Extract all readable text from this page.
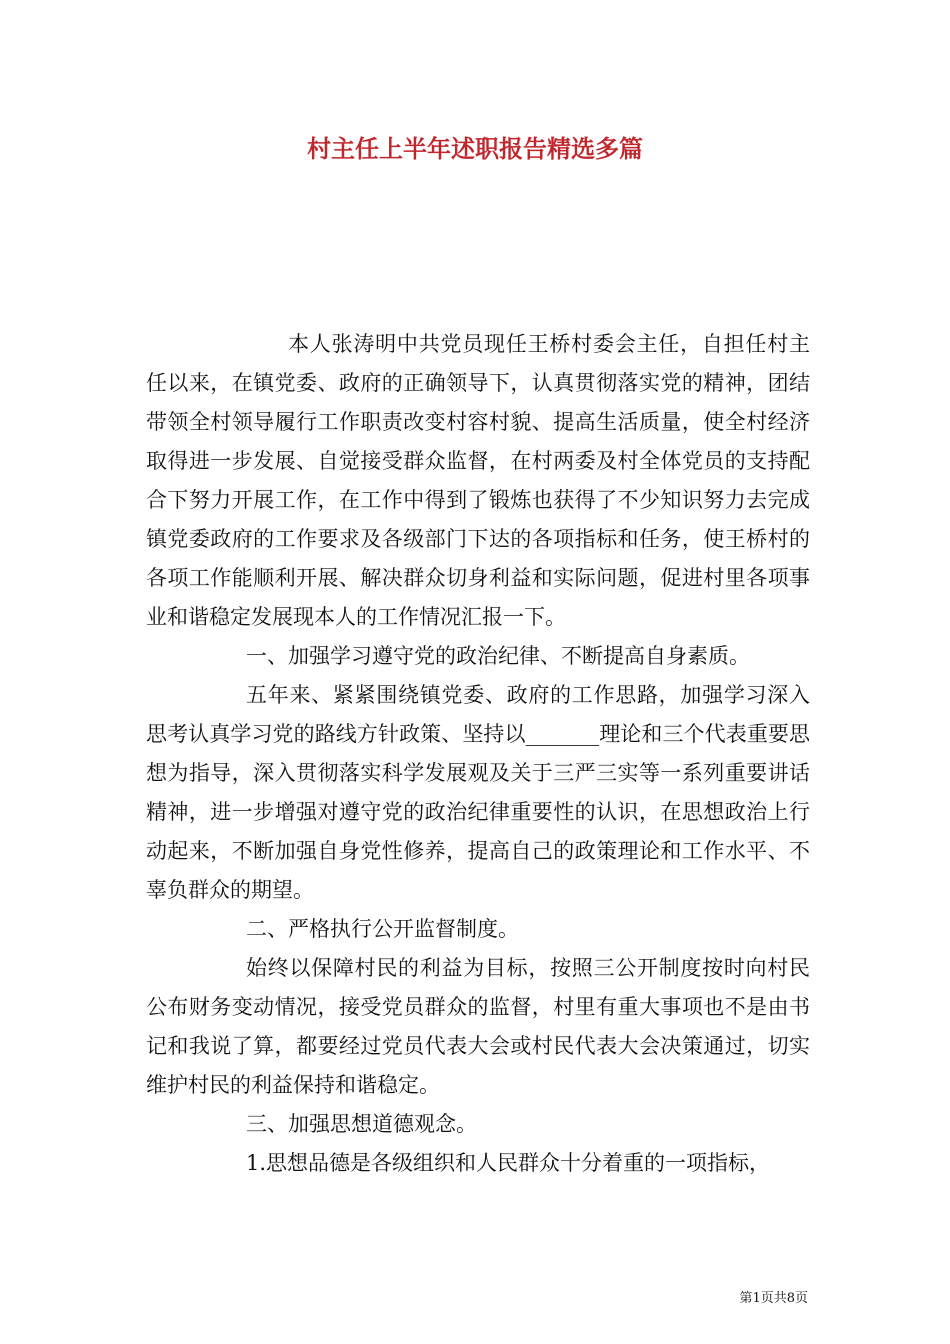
村主任上半年述职报告精选多篇

本人张涛明中共党员现任王桥村委会主任，自担任村主任以来，在镇党委、政府的正确领导下，认真贯彻落实党的精神，团结带领全村领导履行工作职责改变村容村貌、提高生活质量，使全村经济取得进一步发展、自觉接受群众监督，在村两委及村全体党员的支持配合下努力开展工作，在工作中得到了锻炼也获得了不少知识努力去完成镇党委政府的工作要求及各级部门下达的各项指标和任务，使王桥村的各项工作能顺利开展、解决群众切身利益和实际问题，促进村里各项事业和谐稳定发展现本人的工作情况汇报一下。

一、加强学习遵守党的政治纪律、不断提高自身素质。

五年来、紧紧围绕镇党委、政府的工作思路，加强学习深入思考认真学习党的路线方针政策、坚持以_______理论和三个代表重要思想为指导，深入贯彻落实科学发展观及关于三严三实等一系列重要讲话精神，进一步增强对遵守党的政治纪律重要性的认识，在思想政治上行动起来，不断加强自身党性修养，提高自己的政策理论和工作水平、不辜负群众的期望。

二、严格执行公开监督制度。

始终以保障村民的利益为目标，按照三公开制度按时向村民公布财务变动情况，接受党员群众的监督，村里有重大事项也不是由书记和我说了算，都要经过党员代表大会或村民代表大会决策通过，切实维护村民的利益保持和谐稳定。

三、加强思想道德观念。

1.思想品德是各级组织和人民群众十分着重的一项指标，

第1页共8页
